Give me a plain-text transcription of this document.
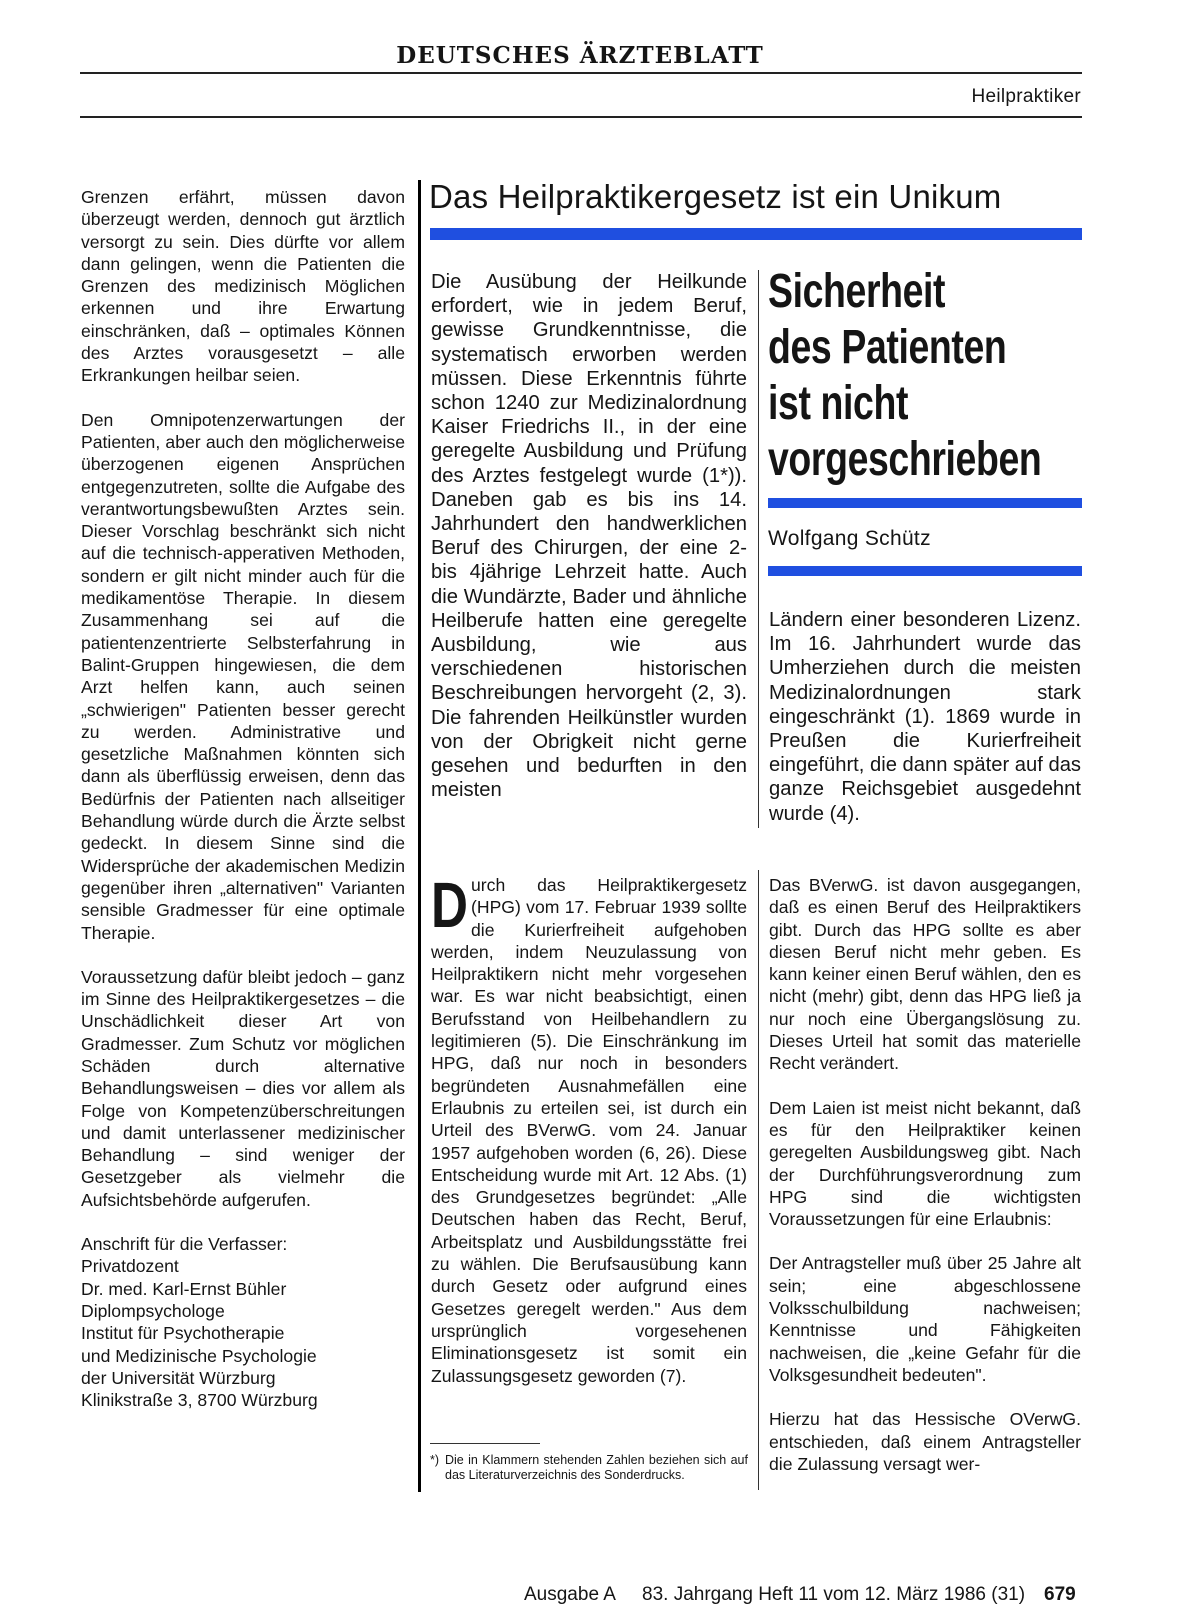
DEUTSCHES ÄRZTEBLATT
Heilpraktiker

Grenzen erfährt, müssen davon überzeugt werden, dennoch gut ärztlich versorgt zu sein. Dies dürfte vor allem dann gelingen, wenn die Patienten die Grenzen des medizinisch Möglichen erkennen und ihre Erwartung einschränken, daß – optimales Können des Arztes vorausgesetzt – alle Erkrankungen heilbar seien.

Den Omnipotenzerwartungen der Patienten, aber auch den möglicherweise überzogenen eigenen Ansprüchen entgegenzutreten, sollte die Aufgabe des verantwortungsbewußten Arztes sein. Dieser Vorschlag beschränkt sich nicht auf die technisch-apperativen Methoden, sondern er gilt nicht minder auch für die medikamentöse Therapie. In diesem Zusammenhang sei auf die patientenzentrierte Selbsterfahrung in Balint-Gruppen hingewiesen, die dem Arzt helfen kann, auch seinen „schwierigen" Patienten besser gerecht zu werden. Administrative und gesetzliche Maßnahmen könnten sich dann als überflüssig erweisen, denn das Bedürfnis der Patienten nach allseitiger Behandlung würde durch die Ärzte selbst gedeckt. In diesem Sinne sind die Widersprüche der akademischen Medizin gegenüber ihren „alternativen" Varianten sensible Gradmesser für eine optimale Therapie.

Voraussetzung dafür bleibt jedoch – ganz im Sinne des Heilpraktikergesetzes – die Unschädlichkeit dieser Art von Gradmesser. Zum Schutz vor möglichen Schäden durch alternative Behandlungsweisen – dies vor allem als Folge von Kompetenzüberschreitungen und damit unterlassener medizinischer Behandlung – sind weniger der Gesetzgeber als vielmehr die Aufsichtsbehörde aufgerufen.

Anschrift für die Verfasser:
Privatdozent
Dr. med. Karl-Ernst Bühler
Diplompsychologe
Institut für Psychotherapie
und Medizinische Psychologie
der Universität Würzburg
Klinikstraße 3, 8700 Würzburg
Das Heilpraktikergesetz ist ein Unikum

Die Ausübung der Heilkunde erfordert, wie in jedem Beruf, gewisse Grundkenntnisse, die systematisch erworben werden müssen. Diese Erkenntnis führte schon 1240 zur Medizinalordnung Kaiser Friedrichs II., in der eine geregelte Ausbildung und Prüfung des Arztes festgelegt wurde (1*)). Daneben gab es bis ins 14. Jahrhundert den handwerklichen Beruf des Chirurgen, der eine 2- bis 4jährige Lehrzeit hatte. Auch die Wundärzte, Bader und ähnliche Heilberufe hatten eine geregelte Ausbildung, wie aus verschiedenen historischen Beschreibungen hervorgeht (2, 3). Die fahrenden Heilkünstler wurden von der Obrigkeit nicht gerne gesehen und bedurften in den meisten

Sicherheit
des Patienten
ist nicht
vorgeschrieben
Wolfgang Schütz

Ländern einer besonderen Lizenz. Im 16. Jahrhundert wurde das Umherziehen durch die meisten Medizinalordnungen stark eingeschränkt (1). 1869 wurde in Preußen die Kurierfreiheit eingeführt, die dann später auf das ganze Reichsgebiet ausgedehnt wurde (4).

Durch das Heilpraktikergesetz (HPG) vom 17. Februar 1939 sollte die Kurierfreiheit aufgehoben werden, indem Neuzulassung von Heilpraktikern nicht mehr vorgesehen war. Es war nicht beabsichtigt, einen Berufsstand von Heilbehandlern zu legitimieren (5). Die Einschränkung im HPG, daß nur noch in besonders begründeten Ausnahmefällen eine Erlaubnis zu erteilen sei, ist durch ein Urteil des BVerwG. vom 24. Januar 1957 aufgehoben worden (6, 26). Diese Entscheidung wurde mit Art. 12 Abs. (1) des Grundgesetzes begründet: „Alle Deutschen haben das Recht, Beruf, Arbeitsplatz und Ausbildungsstätte frei zu wählen. Die Berufsausübung kann durch Gesetz oder aufgrund eines Gesetzes geregelt werden." Aus dem ursprünglich vorgesehenen Eliminationsgesetz ist somit ein Zulassungsgesetz geworden (7).

Das BVerwG. ist davon ausgegangen, daß es einen Beruf des Heilpraktikers gibt. Durch das HPG sollte es aber diesen Beruf nicht mehr geben. Es kann keiner einen Beruf wählen, den es nicht (mehr) gibt, denn das HPG ließ ja nur noch eine Übergangslösung zu. Dieses Urteil hat somit das materielle Recht verändert.

Dem Laien ist meist nicht bekannt, daß es für den Heilpraktiker keinen geregelten Ausbildungsweg gibt. Nach der Durchführungsverordnung zum HPG sind die wichtigsten Voraussetzungen für eine Erlaubnis:

Der Antragsteller muß über 25 Jahre alt sein; eine abgeschlossene Volksschulbildung nachweisen; Kenntnisse und Fähigkeiten nachweisen, die „keine Gefahr für die Volksgesundheit bedeuten".

Hierzu hat das Hessische OVerwG. entschieden, daß einem Antragsteller die Zulassung versagt wer-

*) Die in Klammern stehenden Zahlen beziehen sich auf das Literaturverzeichnis des Sonderdrucks.
Ausgabe A 83. Jahrgang Heft 11 vom 12. März 1986 (31) 679
